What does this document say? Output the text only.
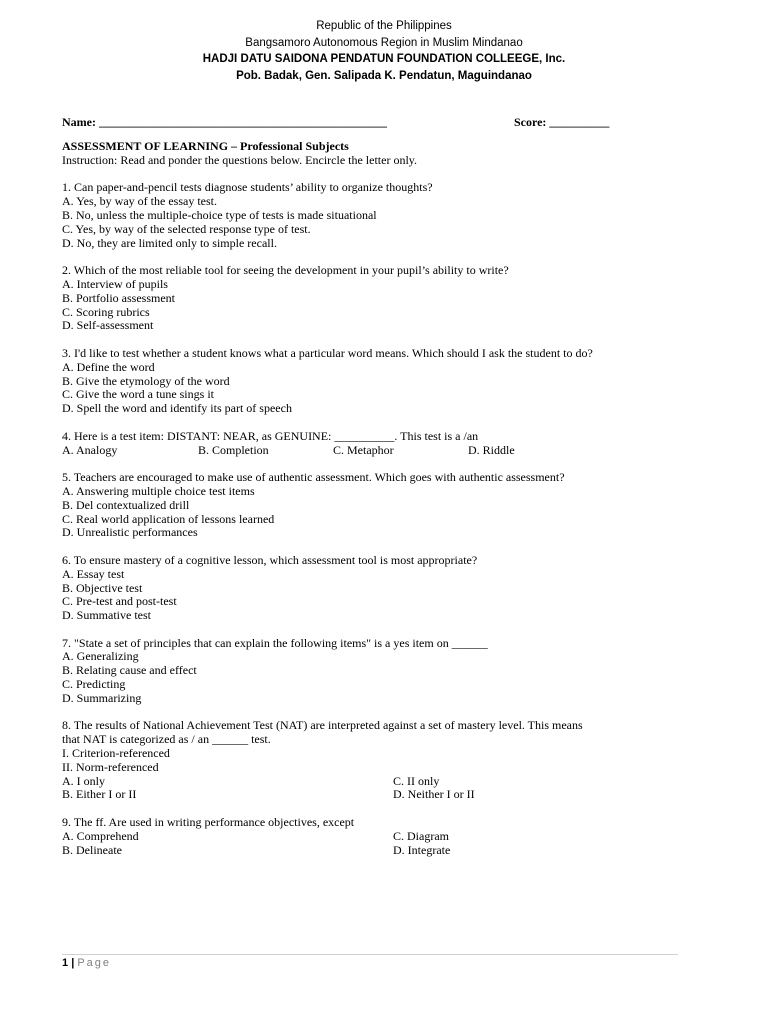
Republic of the Philippines
Bangsamoro Autonomous Region in Muslim Mindanao
HADJI DATU SAIDONA PENDATUN FOUNDATION COLLEEGE, Inc.
Pob. Badak, Gen. Salipada K. Pendatun, Maguindanao
Name: ________________________________________________	Score: __________
ASSESSMENT OF LEARNING – Professional Subjects
Instruction: Read and ponder the questions below. Encircle the letter only.
1. Can paper-and-pencil tests diagnose students’ ability to organize thoughts?
A. Yes, by way of the essay test.
B. No, unless the multiple-choice type of tests is made situational
C. Yes, by way of the selected response type of test.
D. No, they are limited only to simple recall.
2. Which of the most reliable tool for seeing the development in your pupil’s ability to write?
A. Interview of pupils
B. Portfolio assessment
C. Scoring rubrics
D. Self-assessment
3. I'd like to test whether a student knows what a particular word means. Which should I ask the student to do?
A. Define the word
B. Give the etymology of the word
C. Give the word a tune sings it
D. Spell the word and identify its part of speech
4. Here is a test item: DISTANT: NEAR, as GENUINE: __________. This test is a /an
A. Analogy	B. Completion	C. Metaphor	D. Riddle
5. Teachers are encouraged to make use of authentic assessment. Which goes with authentic assessment?
A. Answering multiple choice test items
B. Del contextualized drill
C. Real world application of lessons learned
D. Unrealistic performances
6. To ensure mastery of a cognitive lesson, which assessment tool is most appropriate?
A. Essay test
B. Objective test
C. Pre-test and post-test
D. Summative test
7. "State a set of principles that can explain the following items" is a yes item on ______
A. Generalizing
B. Relating cause and effect
C. Predicting
D. Summarizing
8. The results of National Achievement Test (NAT) are interpreted against a set of mastery level. This means
that NAT is categorized as / an ______ test.
I. Criterion-referenced
II. Norm-referenced
A. I only	C. II only
B. Either I or II	D. Neither I or II
9. The ff. Are used in writing performance objectives, except
A. Comprehend	C. Diagram
B. Delineate	D. Integrate
1 | Page
